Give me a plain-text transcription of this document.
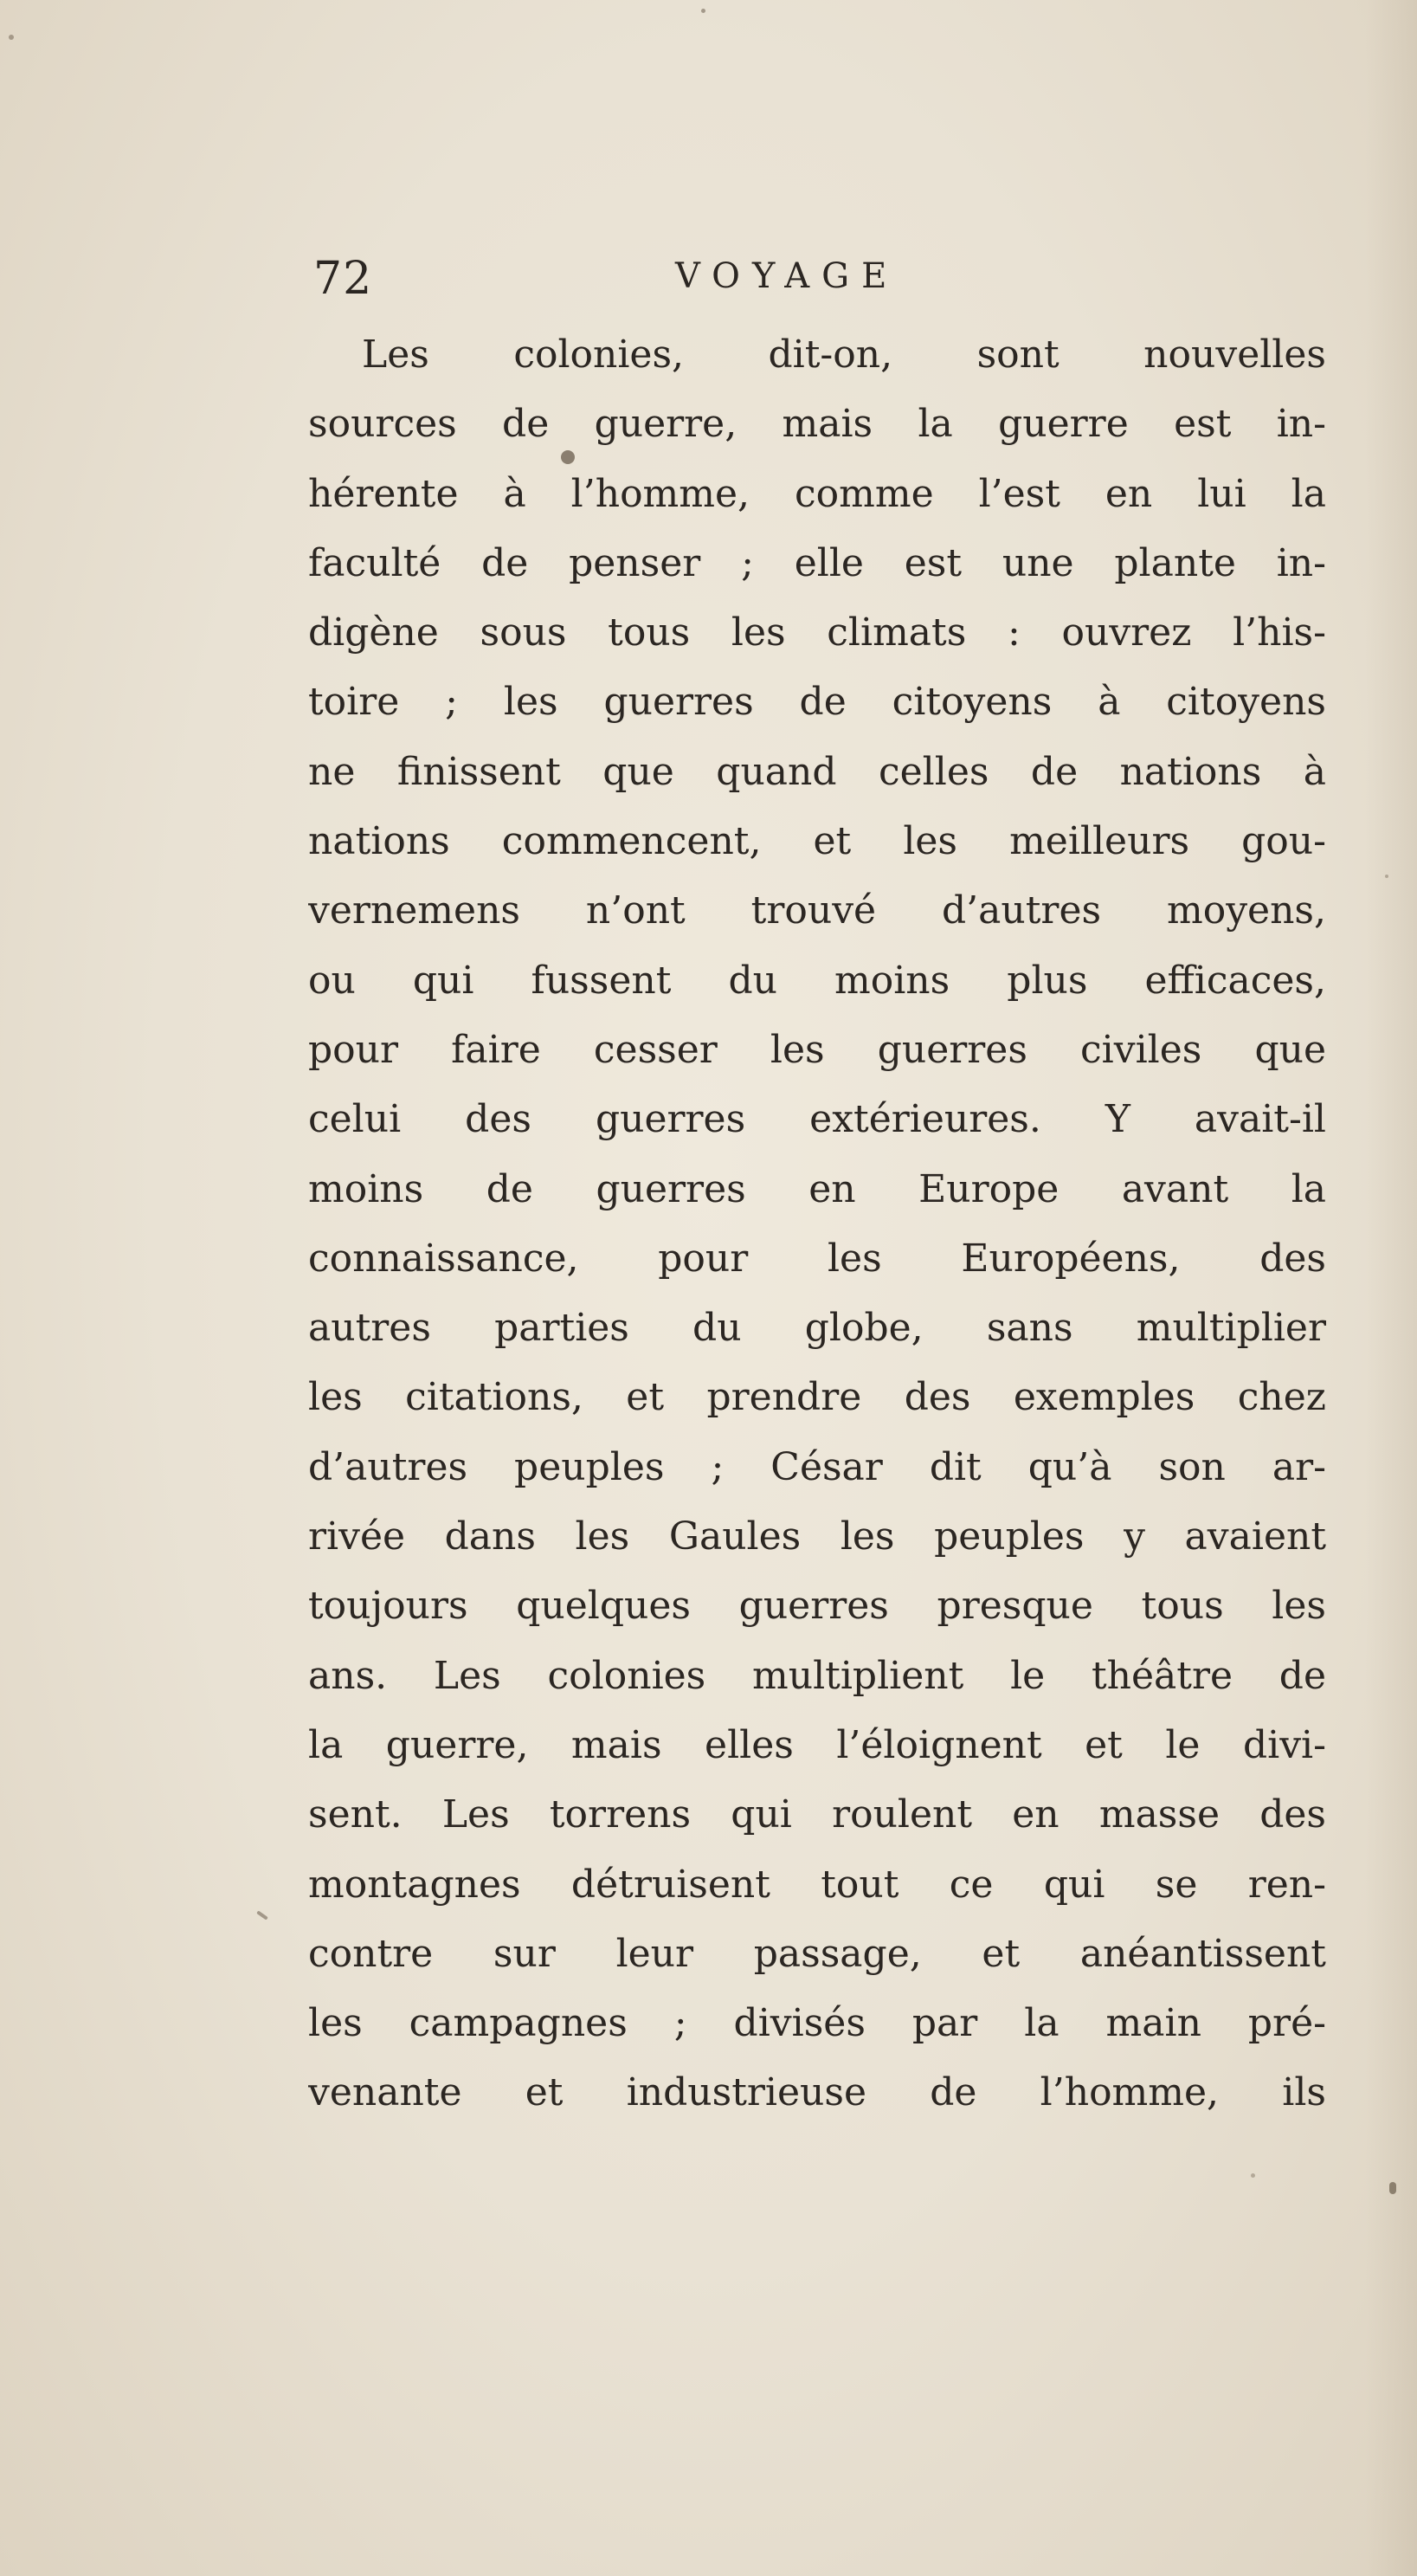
72	VOYAGE
Les colonies, dit-on, sont nouvelles
sources de guerre, mais la guerre est in-
hérente à l’homme, comme l’est en lui la
faculté de penser ; elle est une plante in-
digène sous tous les climats : ouvrez l’his-
toire ; les guerres de citoyens à citoyens
ne finissent que quand celles de nations à
nations commencent, et les meilleurs gou-
vernemens n’ont trouvé d’autres moyens,
ou qui fussent du moins plus efficaces,
pour faire cesser les guerres civiles que
celui des guerres extérieures. Y avait-il
moins de guerres en Europe avant la
connaissance, pour les Européens, des
autres parties du globe, sans multiplier
les citations, et prendre des exemples chez
d’autres peuples ; César dit qu’à son ar-
rivée dans les Gaules les peuples y avaient
toujours quelques guerres presque tous les
ans. Les colonies multiplient le théâtre de
la guerre, mais elles l’éloignent et le divi-
sent. Les torrens qui roulent en masse des
montagnes détruisent tout ce qui se ren-
contre sur leur passage, et anéantissent
les campagnes ; divisés par la main pré-
venante et industrieuse de l’homme, ils
